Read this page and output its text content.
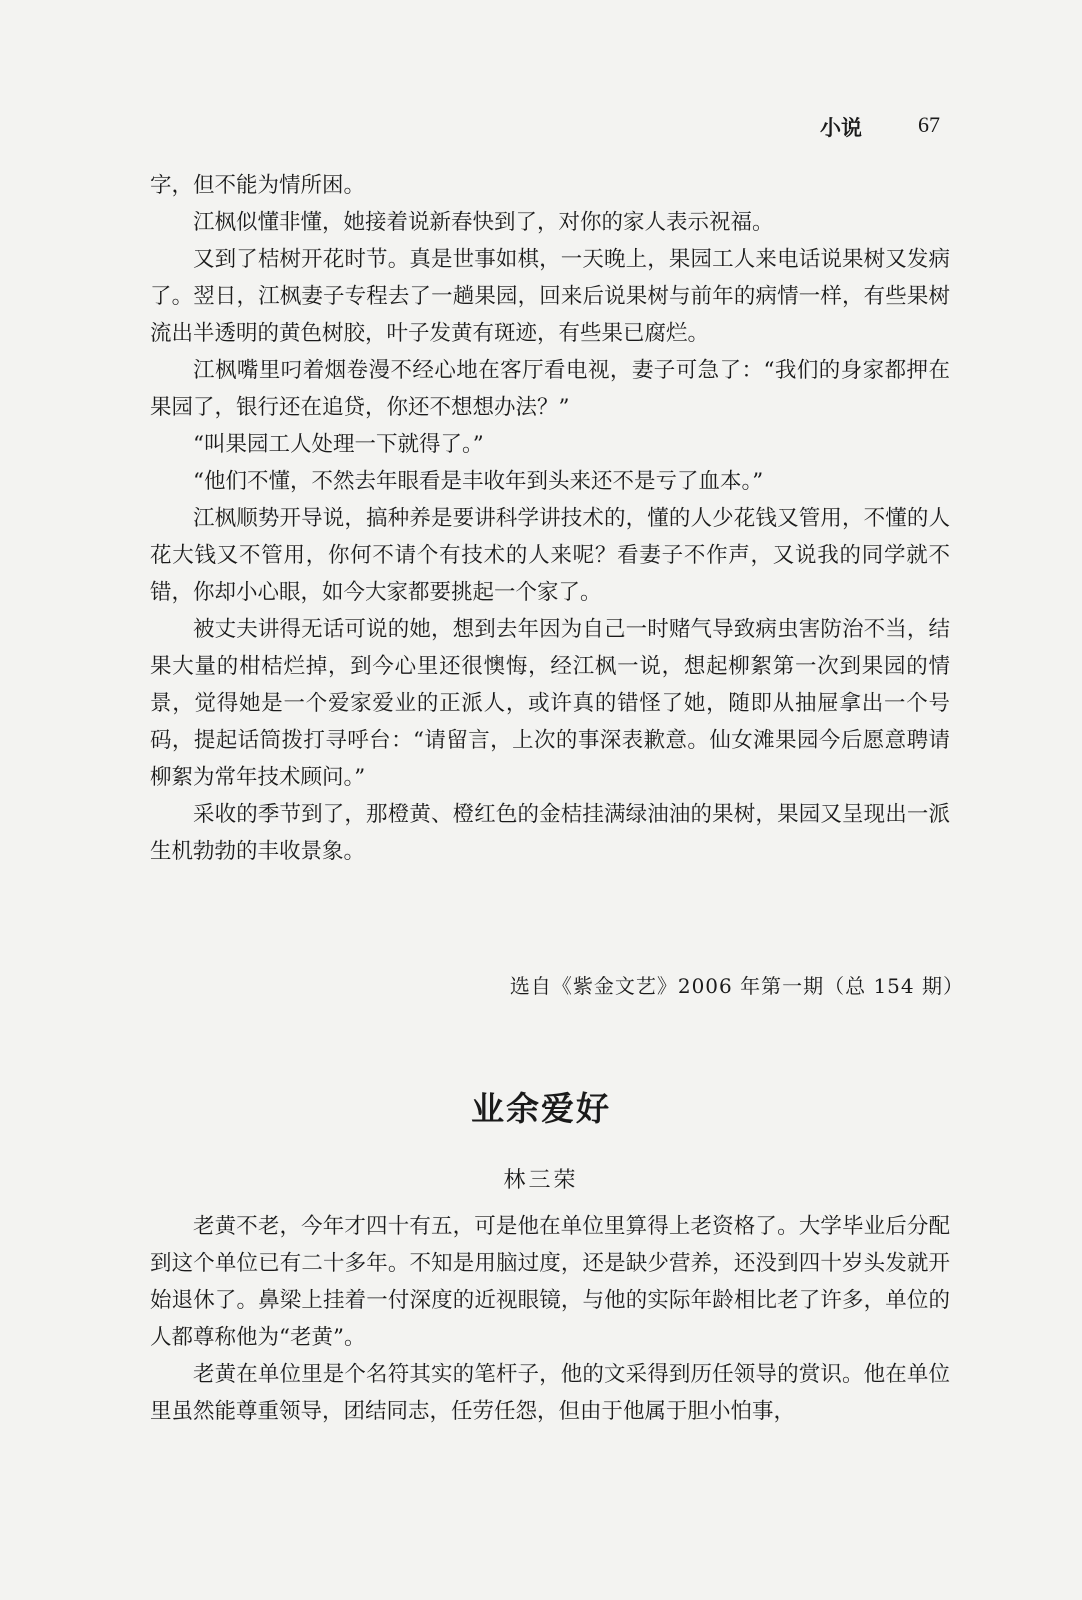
小说	67

字，但不能为情所困。

江枫似懂非懂，她接着说新春快到了，对你的家人表示祝福。

又到了桔树开花时节。真是世事如棋，一天晚上，果园工人来电话说果树又发病了。翌日，江枫妻子专程去了一趟果园，回来后说果树与前年的病情一样，有些果树流出半透明的黄色树胶，叶子发黄有斑迹，有些果已腐烂。

江枫嘴里叼着烟卷漫不经心地在客厅看电视，妻子可急了：“我们的身家都押在果园了，银行还在追贷，你还不想想办法？”

“叫果园工人处理一下就得了。”

“他们不懂，不然去年眼看是丰收年到头来还不是亏了血本。”

江枫顺势开导说，搞种养是要讲科学讲技术的，懂的人少花钱又管用，不懂的人花大钱又不管用，你何不请个有技术的人来呢？看妻子不作声，又说我的同学就不错，你却小心眼，如今大家都要挑起一个家了。

被丈夫讲得无话可说的她，想到去年因为自己一时赌气导致病虫害防治不当，结果大量的柑桔烂掉，到今心里还很懊悔，经江枫一说，想起柳絮第一次到果园的情景，觉得她是一个爱家爱业的正派人，或许真的错怪了她，随即从抽屉拿出一个号码，提起话筒拨打寻呼台：“请留言，上次的事深表歉意。仙女滩果园今后愿意聘请柳絮为常年技术顾问。”

采收的季节到了，那橙黄、橙红色的金桔挂满绿油油的果树，果园又呈现出一派生机勃勃的丰收景象。

选自《紫金文艺》2006 年第一期（总 154 期）
业余爱好
林三荣

老黄不老，今年才四十有五，可是他在单位里算得上老资格了。大学毕业后分配到这个单位已有二十多年。不知是用脑过度，还是缺少营养，还没到四十岁头发就开始退休了。鼻梁上挂着一付深度的近视眼镜，与他的实际年龄相比老了许多，单位的人都尊称他为“老黄”。

老黄在单位里是个名符其实的笔杆子，他的文采得到历任领导的赏识。他在单位里虽然能尊重领导，团结同志，任劳任怨，但由于他属于胆小怕事，
